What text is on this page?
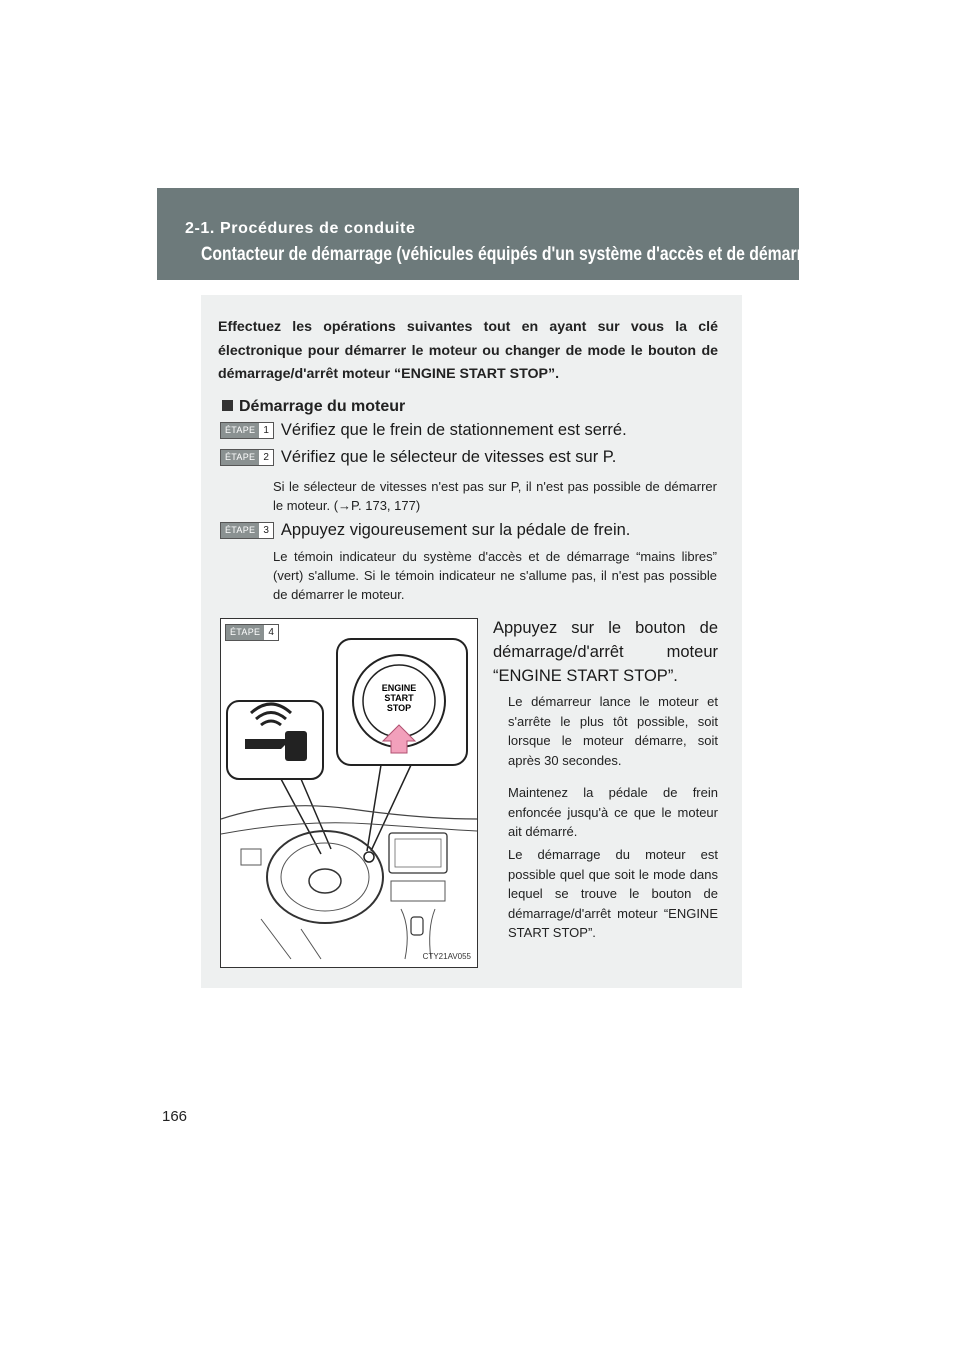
2-1. Procédures de conduite
Contacteur de démarrage (véhicules équipés d'un système d'accès et de démarrage “mains libres”)
Effectuez les opérations suivantes tout en ayant sur vous la clé électronique pour démarrer le moteur ou changer de mode le bouton de démarrage/d'arrêt moteur “ENGINE START STOP”.
Démarrage du moteur
ÉTAPE 1 Vérifiez que le frein de stationnement est serré.
ÉTAPE 2 Vérifiez que le sélecteur de vitesses est sur P.
Si le sélecteur de vitesses n'est pas sur P, il n'est pas possible de démarrer le moteur. (→P. 173, 177)
ÉTAPE 3 Appuyez vigoureusement sur la pédale de frein.
Le témoin indicateur du système d'accès et de démarrage “mains libres” (vert) s'allume. Si le témoin indicateur ne s'allume pas, il n'est pas possible de démarrer le moteur.
ÉTAPE 4
ENGINE
START
STOP
CTY21AV055
Appuyez sur le bouton de démarrage/d'arrêt moteur “ENGINE START STOP”.
Le démarreur lance le moteur et s'arrête le plus tôt possible, soit lorsque le moteur démarre, soit après 30 secondes.
Maintenez la pédale de frein enfoncée jusqu'à ce que le moteur ait démarré.
Le démarrage du moteur est possible quel que soit le mode dans lequel se trouve le bouton de démarrage/d'arrêt moteur “ENGINE START STOP”.
166
